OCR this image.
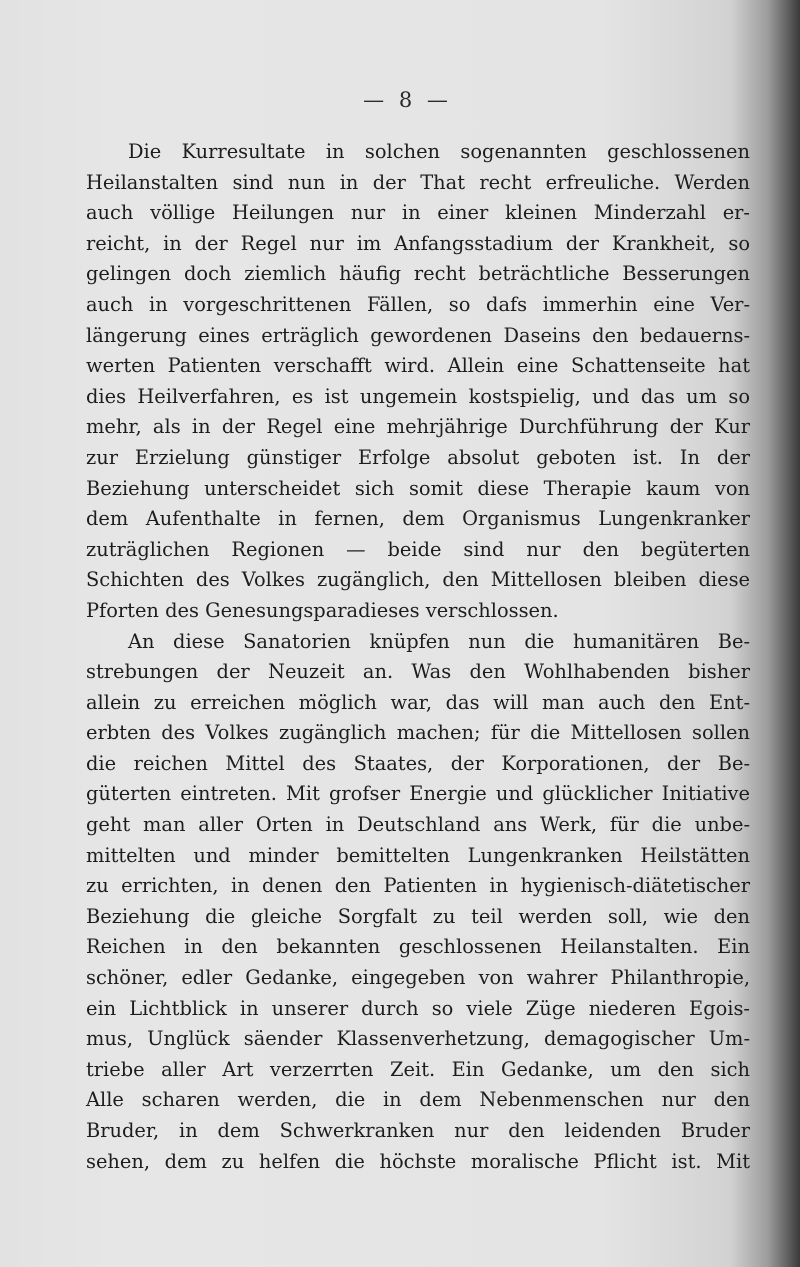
— 8 —

Die Kurresultate in solchen sogenannten geschlossenen
Heilanstalten sind nun in der That recht erfreuliche. Werden
auch völlige Heilungen nur in einer kleinen Minderzahl er-
reicht, in der Regel nur im Anfangsstadium der Krankheit, so
gelingen doch ziemlich häufig recht beträchtliche Besserungen
auch in vorgeschrittenen Fällen, so dafs immerhin eine Ver-
längerung eines erträglich gewordenen Daseins den bedauerns-
werten Patienten verschafft wird. Allein eine Schattenseite hat
dies Heilverfahren, es ist ungemein kostspielig, und das um so
mehr, als in der Regel eine mehrjährige Durchführung der Kur
zur Erzielung günstiger Erfolge absolut geboten ist. In der
Beziehung unterscheidet sich somit diese Therapie kaum von
dem Aufenthalte in fernen, dem Organismus Lungenkranker
zuträglichen Regionen — beide sind nur den begüterten
Schichten des Volkes zugänglich, den Mittellosen bleiben diese
Pforten des Genesungsparadieses verschlossen.

An diese Sanatorien knüpfen nun die humanitären Be-
strebungen der Neuzeit an. Was den Wohlhabenden bisher
allein zu erreichen möglich war, das will man auch den Ent-
erbten des Volkes zugänglich machen; für die Mittellosen sollen
die reichen Mittel des Staates, der Korporationen, der Be-
güterten eintreten. Mit grofser Energie und glücklicher Initiative
geht man aller Orten in Deutschland ans Werk, für die unbe-
mittelten und minder bemittelten Lungenkranken Heilstätten
zu errichten, in denen den Patienten in hygienisch-diätetischer
Beziehung die gleiche Sorgfalt zu teil werden soll, wie den
Reichen in den bekannten geschlossenen Heilanstalten. Ein
schöner, edler Gedanke, eingegeben von wahrer Philanthropie,
ein Lichtblick in unserer durch so viele Züge niederen Egois-
mus, Unglück säender Klassenverhetzung, demagogischer Um-
triebe aller Art verzerrten Zeit. Ein Gedanke, um den sich
Alle scharen werden, die in dem Nebenmenschen nur den
Bruder, in dem Schwerkranken nur den leidenden Bruder
sehen, dem zu helfen die höchste moralische Pflicht ist. Mit
